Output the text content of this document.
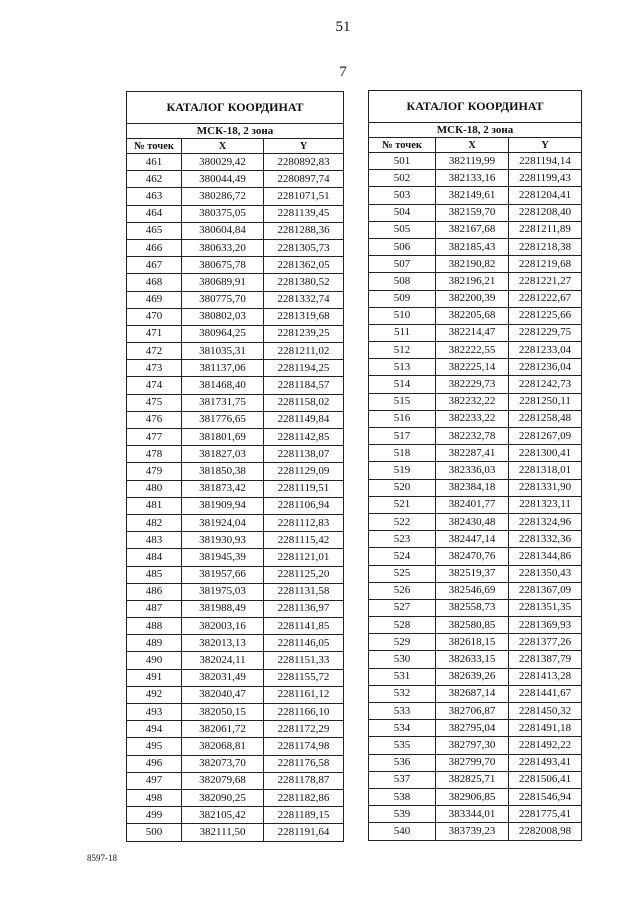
51
7
КАТАЛОГ КООРДИНАТ		
МСК-18, 2 зона		
№ точек	X	Y
461	380029,42	2280892,83
462	380044,49	2280897,74
463	380286,72	2281071,51
464	380375,05	2281139,45
465	380604,84	2281288,36
466	380633,20	2281305,73
467	380675,78	2281362,05
468	380689,91	2281380,52
469	380775,70	2281332,74
470	380802,03	2281319,68
471	380964,25	2281239,25
472	381035,31	2281211,02
473	381137,06	2281194,25
474	381468,40	2281184,57
475	381731,75	2281158,02
476	381776,65	2281149,84
477	381801,69	2281142,85
478	381827,03	2281138,07
479	381850,38	2281129,09
480	381873,42	2281119,51
481	381909,94	2281106,94
482	381924,04	2281112,83
483	381930,93	2281115,42
484	381945,39	2281121,01
485	381957,66	2281125,20
486	381975,03	2281131,58
487	381988,49	2281136,97
488	382003,16	2281141,85
489	382013,13	2281146,05
490	382024,11	2281151,33
491	382031,49	2281155,72
492	382040,47	2281161,12
493	382050,15	2281166,10
494	382061,72	2281172,29
495	382068,81	2281174,98
496	382073,70	2281176,58
497	382079,68	2281178,87
498	382090,25	2281182,86
499	382105,42	2281189,15
500	382111,50	2281191,64
КАТАЛОГ КООРДИНАТ		
МСК-18, 2 зона		
№ точек	X	Y
501	382119,99	2281194,14
502	382133,16	2281199,43
503	382149,61	2281204,41
504	382159,70	2281208,40
505	382167,68	2281211,89
506	382185,43	2281218,38
507	382190,82	2281219,68
508	382196,21	2281221,27
509	382200,39	2281222,67
510	382205,68	2281225,66
511	382214,47	2281229,75
512	382222,55	2281233,04
513	382225,14	2281236,04
514	382229,73	2281242,73
515	382232,22	2281250,11
516	382233,22	2281258,48
517	382232,78	2281267,09
518	382287,41	2281300,41
519	382336,03	2281318,01
520	382384,18	2281331,90
521	382401,77	2281323,11
522	382430,48	2281324,96
523	382447,14	2281332,36
524	382470,76	2281344,86
525	382519,37	2281350,43
526	382546,69	2281367,09
527	382558,73	2281351,35
528	382580,85	2281369,93
529	382618,15	2281377,26
530	382633,15	2281387,79
531	382639,26	2281413,28
532	382687,14	2281441,67
533	382706,87	2281450,32
534	382795,04	2281491,18
535	382797,30	2281492,22
536	382799,70	2281493,41
537	382825,71	2281506,41
538	382906,85	2281546,94
539	383344,01	2281775,41
540	383739,23	2282008,98
8597-18
